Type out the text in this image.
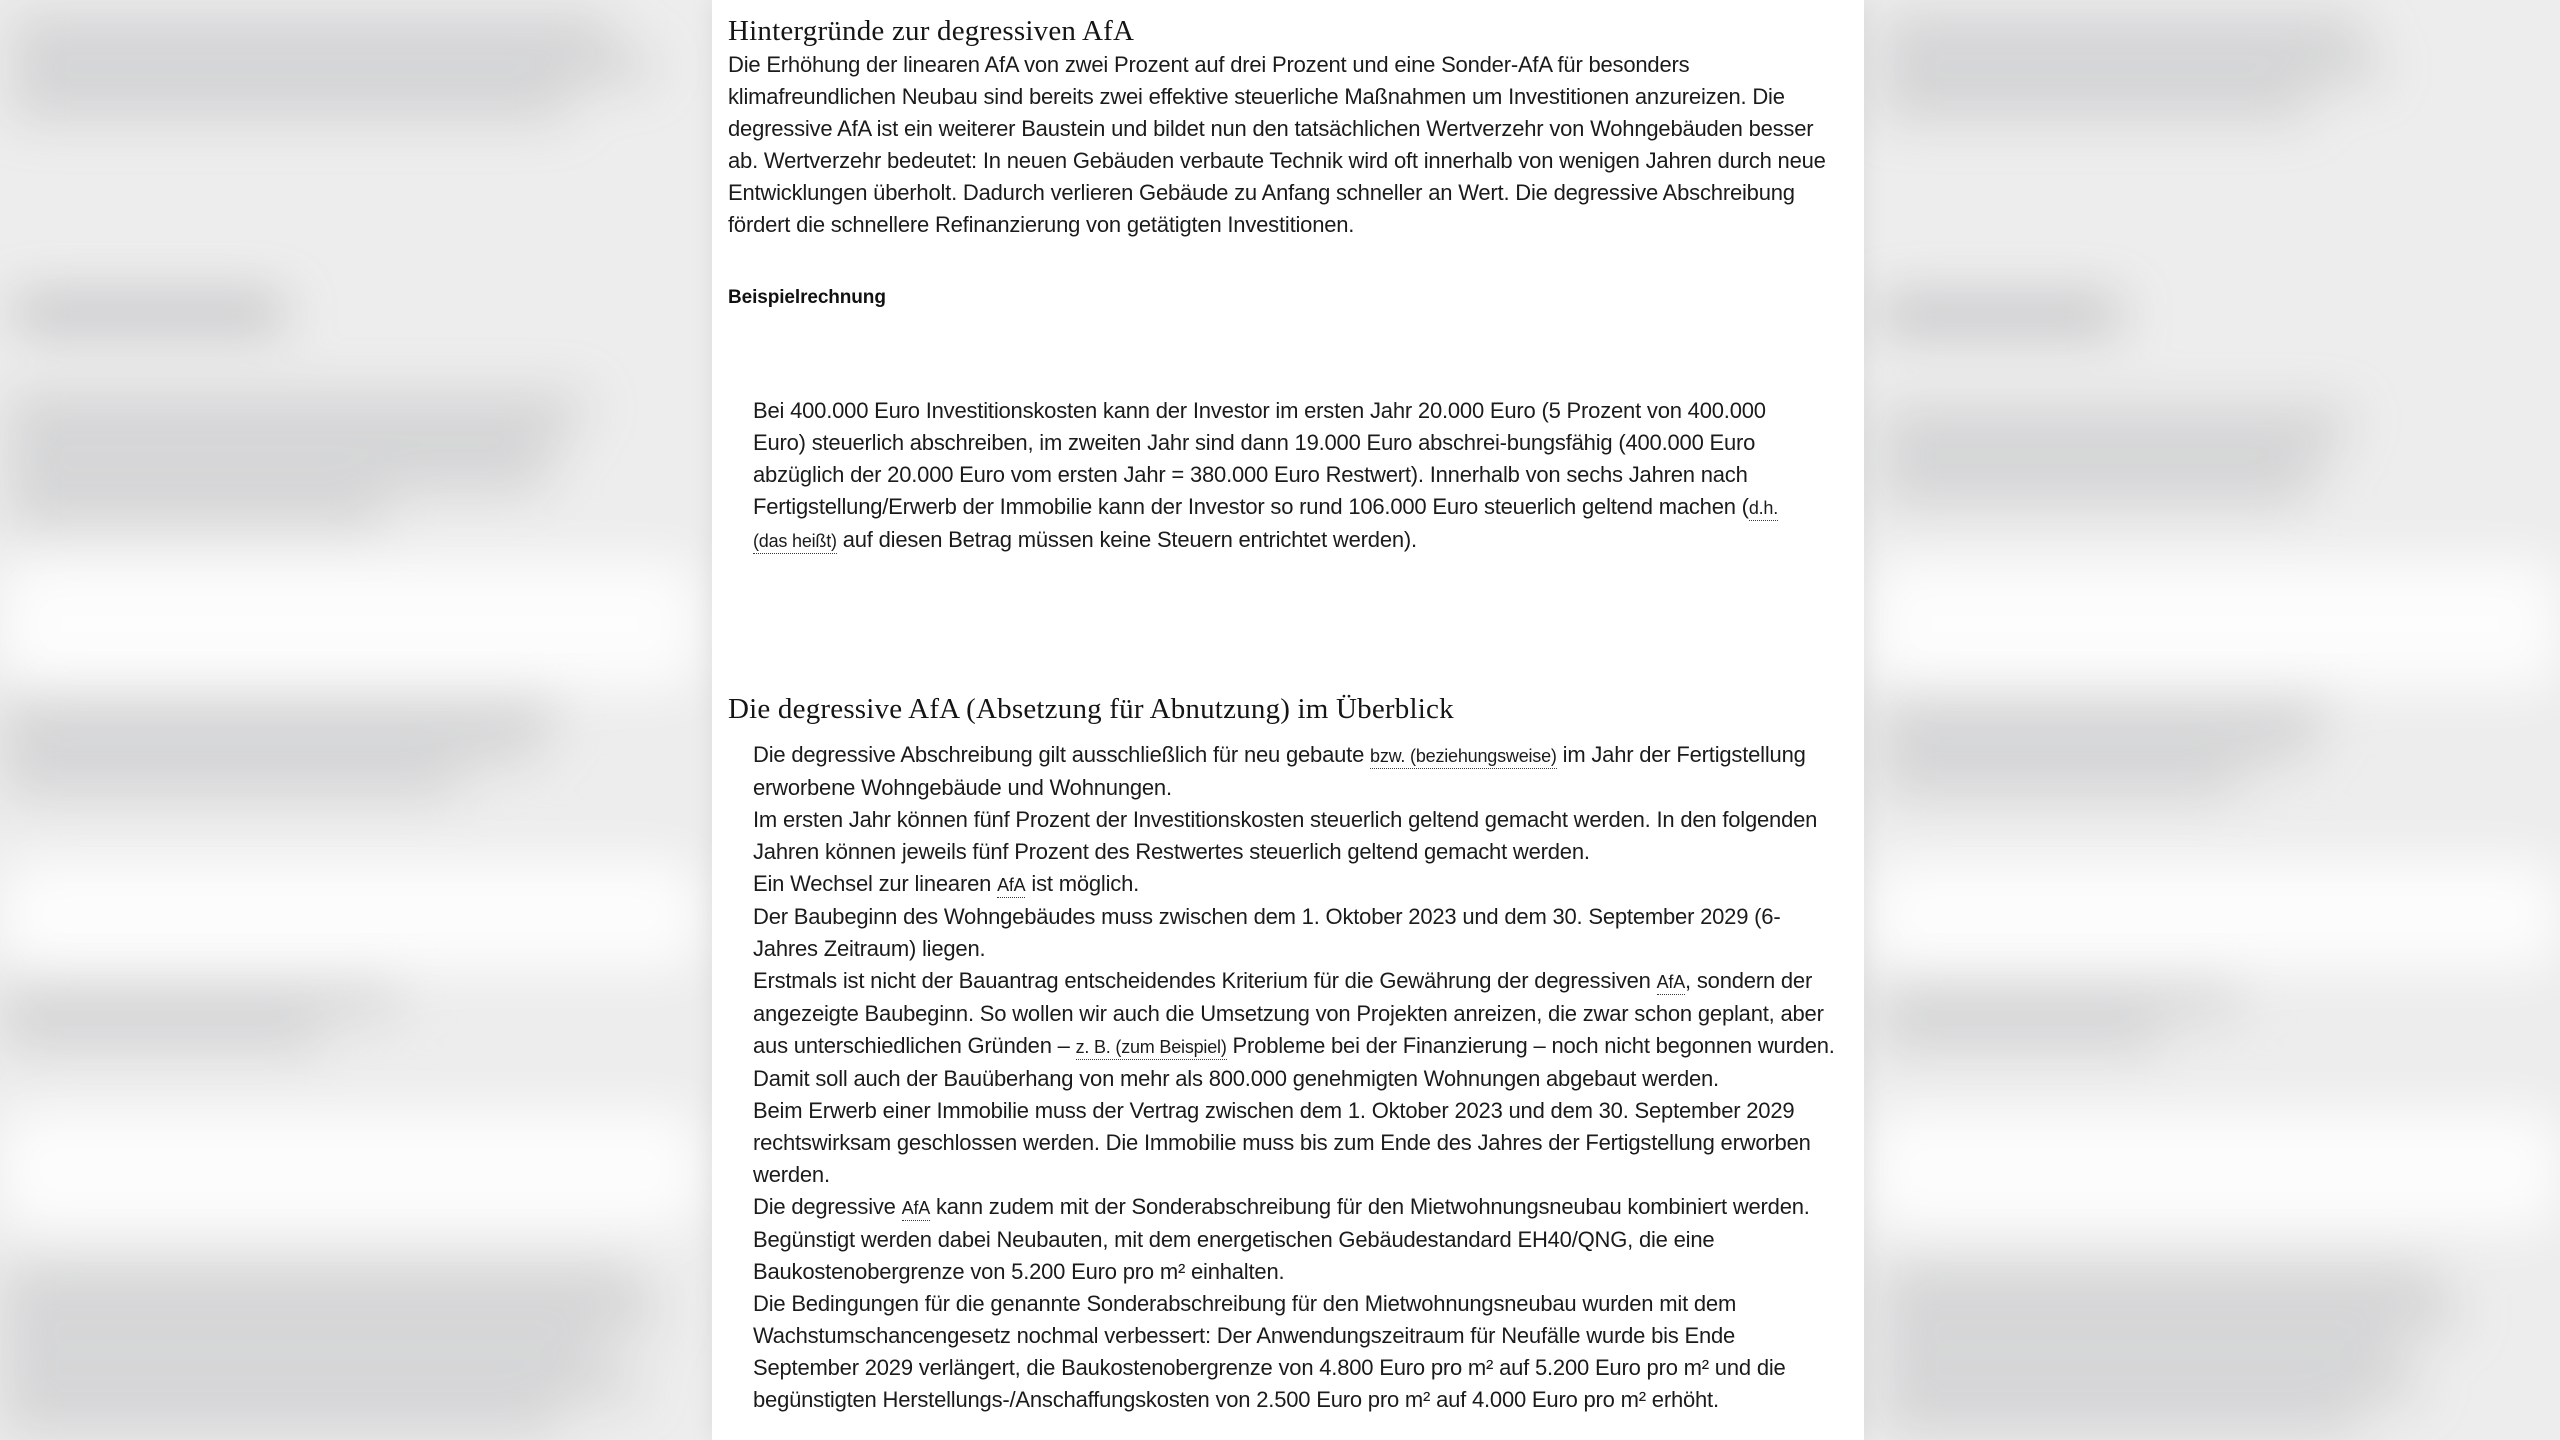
Hintergründe zur degressiven AfA

Die Erhöhung der linearen AfA von zwei Prozent auf drei Prozent und eine Sonder-AfA für besonders klimafreundlichen Neubau sind bereits zwei effektive steuerliche Maßnahmen um Investitionen anzureizen. Die degressive AfA ist ein weiterer Baustein und bildet nun den tatsächlichen Wertverzehr von Wohngebäuden besser ab. Wertverzehr bedeutet: In neuen Gebäuden verbaute Technik wird oft innerhalb von wenigen Jahren durch neue Entwicklungen überholt. Dadurch verlieren Gebäude zu Anfang schneller an Wert. Die degressive Abschreibung fördert die schnellere Refinanzierung von getätigten Investitionen.

Beispielrechnung

Bei 400.000 Euro Investitionskosten kann der Investor im ersten Jahr 20.000 Euro (5 Prozent von 400.000 Euro) steuerlich abschreiben, im zweiten Jahr sind dann 19.000 Euro abschrei-bungsfähig (400.000 Euro abzüglich der 20.000 Euro vom ersten Jahr = 380.000 Euro Restwert). Innerhalb von sechs Jahren nach Fertigstellung/Erwerb der Immobilie kann der Investor so rund 106.000 Euro steuerlich geltend machen (d.h. (das heißt) auf diesen Betrag müssen keine Steuern entrichtet werden).

Die degressive AfA (Absetzung für Abnutzung) im Überblick

Die degressive Abschreibung gilt ausschließlich für neu gebaute bzw. (beziehungsweise) im Jahr der Fertigstellung erworbene Wohngebäude und Wohnungen.

Im ersten Jahr können fünf Prozent der Investitionskosten steuerlich geltend gemacht werden. In den folgenden Jahren können jeweils fünf Prozent des Restwertes steuerlich geltend gemacht werden.

Ein Wechsel zur linearen AfA ist möglich.

Der Baubeginn des Wohngebäudes muss zwischen dem 1. Oktober 2023 und dem 30. September 2029 (6-Jahres Zeitraum) liegen.

Erstmals ist nicht der Bauantrag entscheidendes Kriterium für die Gewährung der degressiven AfA, sondern der angezeigte Baubeginn. So wollen wir auch die Umsetzung von Projekten anreizen, die zwar schon geplant, aber aus unterschiedlichen Gründen – z. B. (zum Beispiel) Probleme bei der Finanzierung – noch nicht begonnen wurden. Damit soll auch der Bauüberhang von mehr als 800.000 genehmigten Wohnungen abgebaut werden.

Beim Erwerb einer Immobilie muss der Vertrag zwischen dem 1. Oktober 2023 und dem 30. September 2029 rechtswirksam geschlossen werden. Die Immobilie muss bis zum Ende des Jahres der Fertigstellung erworben werden.

Die degressive AfA kann zudem mit der Sonderabschreibung für den Mietwohnungsneubau kombiniert werden. Begünstigt werden dabei Neubauten, mit dem energetischen Gebäudestandard EH40/QNG, die eine Baukostenobergrenze von 5.200 Euro pro m² einhalten.

Die Bedingungen für die genannte Sonderabschreibung für den Mietwohnungsneubau wurden mit dem Wachstumschancengesetz nochmal verbessert: Der Anwendungszeitraum für Neufälle wurde bis Ende September 2029 verlängert, die Baukostenobergrenze von 4.800 Euro pro m² auf 5.200 Euro pro m² und die begünstigten Herstellungs-/Anschaffungskosten von 2.500 Euro pro m² auf 4.000 Euro pro m² erhöht.
